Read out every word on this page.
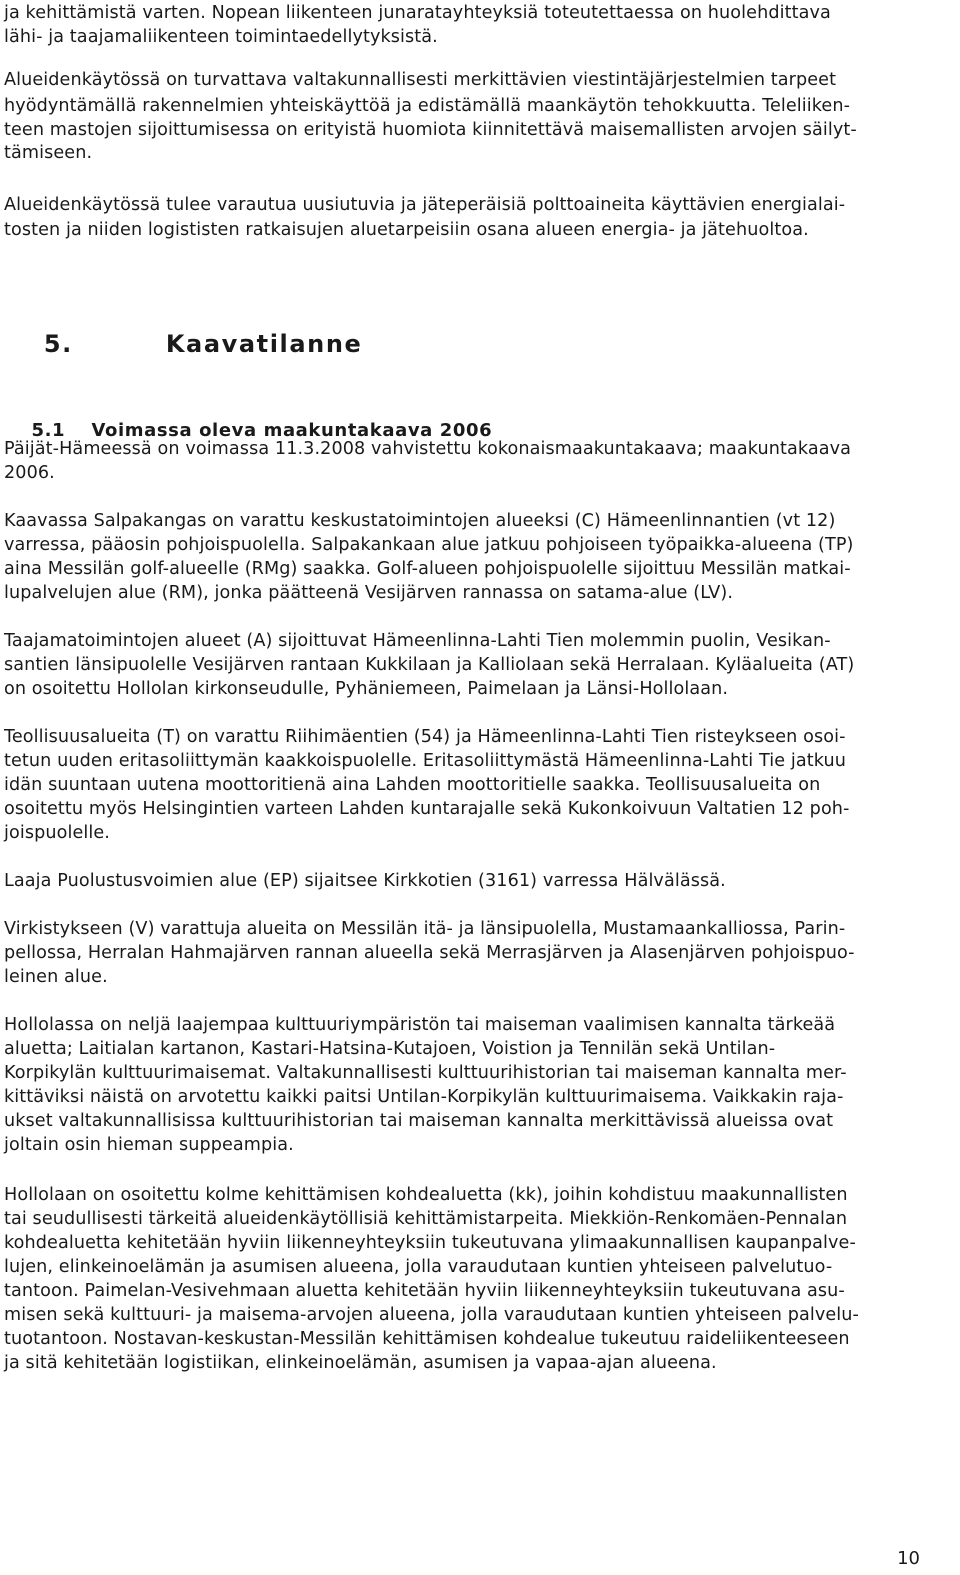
ja kehittämistä varten. Nopean liikenteen junaratayhteyksiä toteutettaessa on huolehdittava
lähi- ja taajamaliikenteen toimintaedellytyksistä.
Alueidenkäytössä on turvattava valtakunnallisesti merkittävien viestintäjärjestelmien tarpeet
hyödyntämällä rakennelmien yhteiskäyttöä ja edistämällä maankäytön tehokkuutta. Teleliiken-
teen mastojen sijoittumisessa on erityistä huomiota kiinnitettävä maisemallisten arvojen säilyt-
tämiseen.
Alueidenkäytössä tulee varautua uusiutuvia ja jäteperäisiä polttoaineita käyttävien energialai-
tosten ja niiden logististen ratkaisujen aluetarpeisiin osana alueen energia- ja jätehuoltoa.

5.	Kaavatilanne

5.1 Voimassa oleva maakuntakaava 2006

Päijät-Hämeessä on voimassa 11.3.2008 vahvistettu kokonaismaakuntakaava; maakuntakaava
2006.
Kaavassa Salpakangas on varattu keskustatoimintojen alueeksi (C) Hämeenlinnantien (vt 12)
varressa, pääosin pohjoispuolella. Salpakankaan alue jatkuu pohjoiseen työpaikka-alueena (TP)
aina Messilän golf-alueelle (RMg) saakka. Golf-alueen pohjoispuolelle sijoittuu Messilän matkai-
lupalvelujen alue (RM), jonka päätteenä Vesijärven rannassa on satama-alue (LV).
Taajamatoimintojen alueet (A) sijoittuvat Hämeenlinna-Lahti Tien molemmin puolin, Vesikan-
santien länsipuolelle Vesijärven rantaan Kukkilaan ja Kalliolaan sekä Herralaan. Kyläalueita (AT)
on osoitettu Hollolan kirkonseudulle, Pyhäniemeen, Paimelaan ja Länsi-Hollolaan.
Teollisuusalueita (T) on varattu Riihimäentien (54) ja Hämeenlinna-Lahti Tien risteykseen osoi-
tetun uuden eritasoliittymän kaakkoispuolelle. Eritasoliittymästä Hämeenlinna-Lahti Tie jatkuu
idän suuntaan uutena moottoritienä aina Lahden moottoritielle saakka. Teollisuusalueita on
osoitettu myös Helsingintien varteen Lahden kuntarajalle sekä Kukonkoivuun Valtatien 12 poh-
joispuolelle.
Laaja Puolustusvoimien alue (EP) sijaitsee Kirkkotien (3161) varressa Hälvälässä.
Virkistykseen (V) varattuja alueita on Messilän itä- ja länsipuolella, Mustamaankalliossa, Parin-
pellossa, Herralan Hahmajärven rannan alueella sekä Merrasjärven ja Alasenjärven pohjoispuo-
leinen alue.
Hollolassa on neljä laajempaa kulttuuriympäristön tai maiseman vaalimisen kannalta tärkeää
aluetta; Laitialan kartanon, Kastari-Hatsina-Kutajoen, Voistion ja Tennilän sekä Untilan-
Korpikylän kulttuurimaisemat. Valtakunnallisesti kulttuurihistorian tai maiseman kannalta mer-
kittäviksi näistä on arvotettu kaikki paitsi Untilan-Korpikylän kulttuurimaisema. Vaikkakin raja-
ukset valtakunnallisissa kulttuurihistorian tai maiseman kannalta merkittävissä alueissa ovat
joltain osin hieman suppeampia.
Hollolaan on osoitettu kolme kehittämisen kohdealuetta (kk), joihin kohdistuu maakunnallisten
tai seudullisesti tärkeitä alueidenkäytöllisiä kehittämistarpeita. Miekkiön-Renkomäen-Pennalan
kohdealuetta kehitetään hyviin liikenneyhteyksiin tukeutuvana ylimaakunnallisen kaupanpalve-
lujen, elinkeinoelämän ja asumisen alueena, jolla varaudutaan kuntien yhteiseen palvelutuo-
tantoon. Paimelan-Vesivehmaan aluetta kehitetään hyviin liikenneyhteyksiin tukeutuvana asu-
misen sekä kulttuuri- ja maisema-arvojen alueena, jolla varaudutaan kuntien yhteiseen palvelu-
tuotantoon. Nostavan-keskustan-Messilän kehittämisen kohdealue tukeutuu raideliikenteeseen
ja sitä kehitetään logistiikan, elinkeinoelämän, asumisen ja vapaa-ajan alueena.
10
